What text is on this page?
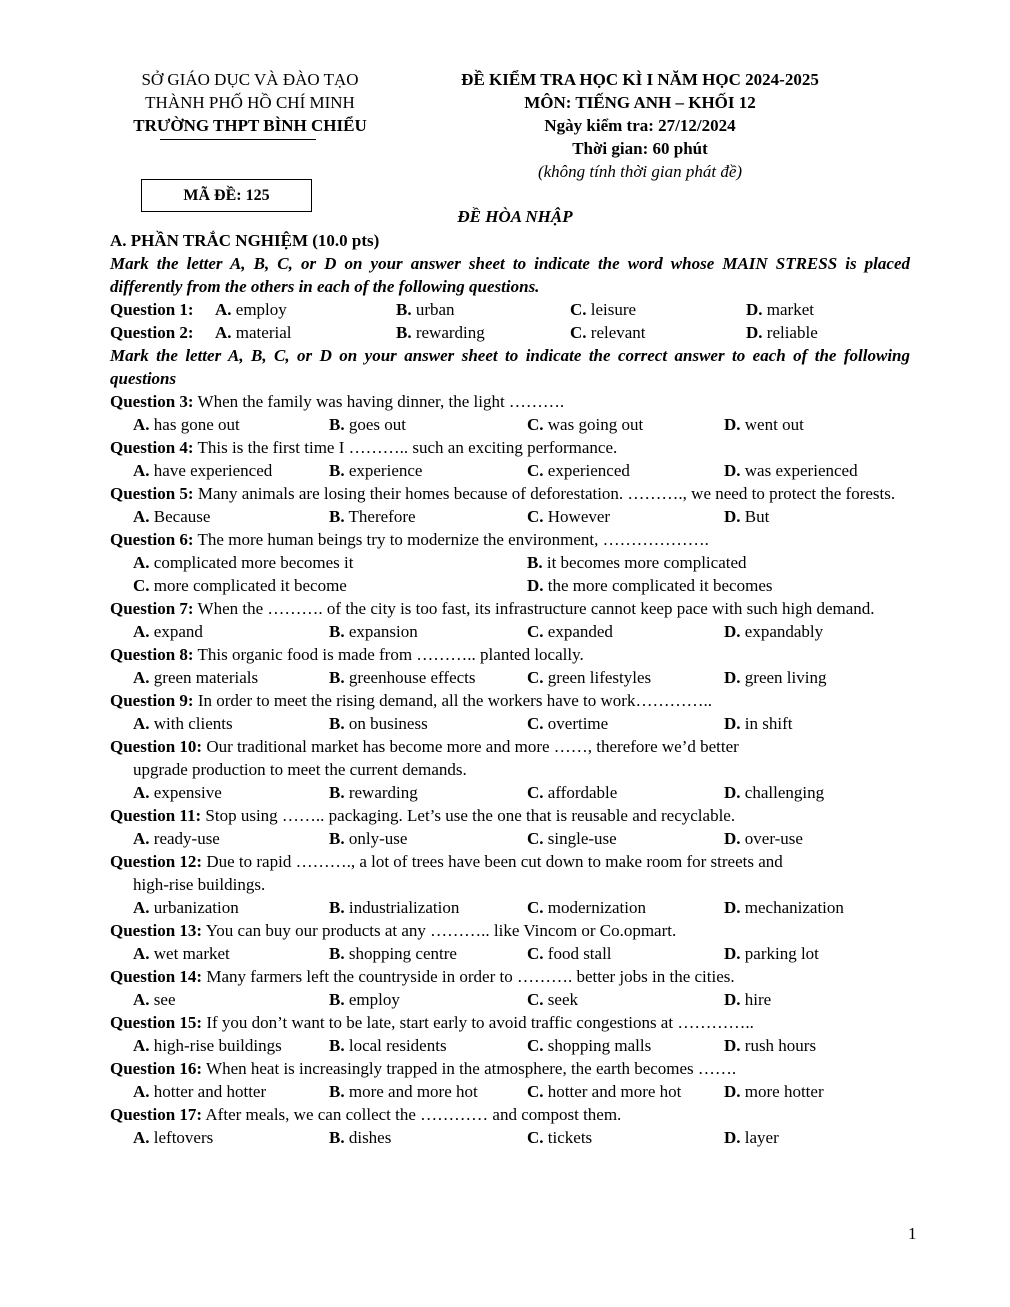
SỞ GIÁO DỤC VÀ ĐÀO TẠO
THÀNH PHỐ HỒ CHÍ MINH
TRƯỜNG THPT BÌNH CHIỂU
ĐỀ KIỂM TRA HỌC KÌ I NĂM HỌC 2024-2025
MÔN: TIẾNG ANH – KHỐI 12
Ngày kiểm tra: 27/12/2024
Thời gian: 60 phút
(không tính thời gian phát đề)
MÃ ĐỀ: 125
ĐỀ HÒA NHẬP
A. PHẦN TRẮC NGHIỆM (10.0 pts)
Mark the letter A, B, C, or D on your answer sheet to indicate the word whose MAIN STRESS is placed differently from the others in each of the following questions.
Question 1: A. employ	B. urban	C. leisure	D. market
Question 2: A. material	B. rewarding	C. relevant	D. reliable
Mark the letter A, B, C, or D on your answer sheet to indicate the correct answer to each of the following questions
Question 3: When the family was having dinner, the light ……….
A. has gone out	B. goes out	C. was going out	D. went out
Question 4: This is the first time I ……….. such an exciting performance.
A. have experienced	B. experience	C. experienced	D. was experienced
Question 5: Many animals are losing their homes because of deforestation. ………., we need to protect the forests.
A. Because	B. Therefore	C. However	D. But
Question 6: The more human beings try to modernize the environment, ……………….
A. complicated more becomes it	B. it becomes more complicated
C. more complicated it become	D. the more complicated it becomes
Question 7: When the ………. of the city is too fast, its infrastructure cannot keep pace with such high demand.
A. expand	B. expansion	C. expanded	D. expandably
Question 8: This organic food is made from ……….. planted locally.
A. green materials	B. greenhouse effects	C. green lifestyles	D. green living
Question 9: In order to meet the rising demand, all the workers have to work…………..
A. with clients	B. on business	C. overtime	D. in shift
Question 10: Our traditional market has become more and more ……, therefore we’d better
upgrade production to meet the current demands.
A. expensive	B. rewarding	C. affordable	D. challenging
Question 11: Stop using …….. packaging. Let’s use the one that is reusable and recyclable.
A. ready-use	B. only-use	C. single-use	D. over-use
Question 12: Due to rapid ………., a lot of trees have been cut down to make room for streets and
high-rise buildings.
A. urbanization	B. industrialization	C. modernization	D. mechanization
Question 13: You can buy our products at any ……….. like Vincom or Co.opmart.
A. wet market	B. shopping centre	C. food stall	D. parking lot
Question 14: Many farmers left the countryside in order to ………. better jobs in the cities.
A. see	B. employ	C. seek	D. hire
Question 15: If you don’t want to be late, start early to avoid traffic congestions at …………..
A. high-rise buildings	B. local residents	C. shopping malls	D. rush hours
Question 16: When heat is increasingly trapped in the atmosphere, the earth becomes …….
A. hotter and hotter	B. more and more hot	C. hotter and more hot	D. more hotter
Question 17: After meals, we can collect the ………… and compost them.
A. leftovers	B. dishes	C. tickets	D. layer
1
